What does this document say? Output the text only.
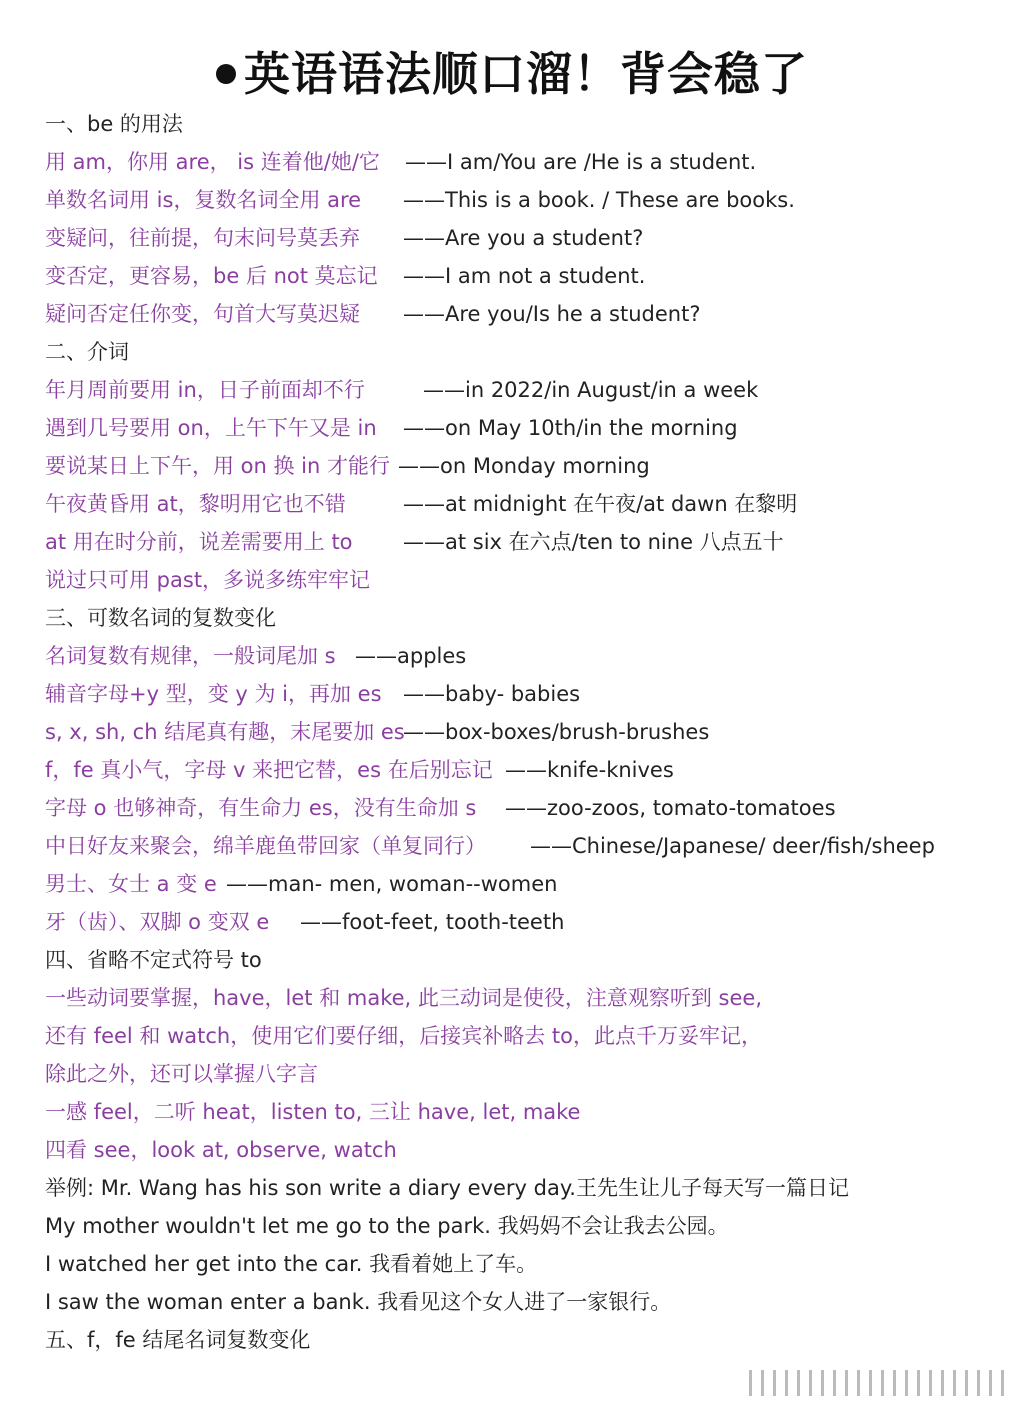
英语语法顺口溜！背会稳了
一、be 的用法
用 am，你用 are， is 连着他/她/它 ——I am/You are /He is a student.
单数名词用 is，复数名词全用 are ——This is a book. / These are books.
变疑问，往前提，句末问号莫丢弃 ——Are you a student?
变否定，更容易，be 后 not 莫忘记 ——I am not a student.
疑问否定任你变，句首大写莫迟疑 ——Are you/Is he a student?
二、介词
年月周前要用 in，日子前面却不行	——in 2022/in August/in a week
遇到几号要用 on，上午下午又是 in ——on May 10th/in the morning
要说某日上下午，用 on 换 in 才能行 ——on Monday morning
午夜黄昏用 at，黎明用它也不错	——at midnight 在午夜/at dawn 在黎明
at 用在时分前，说差需要用上 to ——at six 在六点/ten to nine 八点五十
说过只可用 past，多说多练牢牢记
三、可数名词的复数变化
名词复数有规律，一般词尾加 s ——apples
辅音字母+y 型，变 y 为 i，再加 es ——baby- babies
s, x, sh, ch 结尾真有趣，末尾要加 es
——box-boxes/brush-brushes
f，fe 真小气，字母 v 来把它替，es 在后别忘记 ——knife-knives
字母 o 也够神奇，有生命力 es，没有生命加 s ——zoo-zoos, tomato-tomatoes
中日好友来聚会，绵羊鹿鱼带回家（单复同行） ——Chinese/Japanese/ deer/fish/sheep
男士、女士 a 变 e ——man- men, woman--women
牙（齿）、双脚 o 变双 e ——foot-feet, tooth-teeth
四、省略不定式符号 to
一些动词要掌握，have，let 和 make, 此三动词是使役，注意观察听到 see,
还有 feel 和 watch，使用它们要仔细，后接宾补略去 to，此点千万妥牢记，
除此之外，还可以掌握八字言
一感 feel，二听 heat，listen to, 三让 have, let, make
四看 see，look at, observe, watch
举例: Mr. Wang has his son write a diary every day.王先生让儿子每天写一篇日记
My mother wouldn't let me go to the park. 我妈妈不会让我去公园。
I watched her get into the car. 我看着她上了车。
I saw the woman enter a bank. 我看见这个女人进了一家银行。
五、f，fe 结尾名词复数变化
